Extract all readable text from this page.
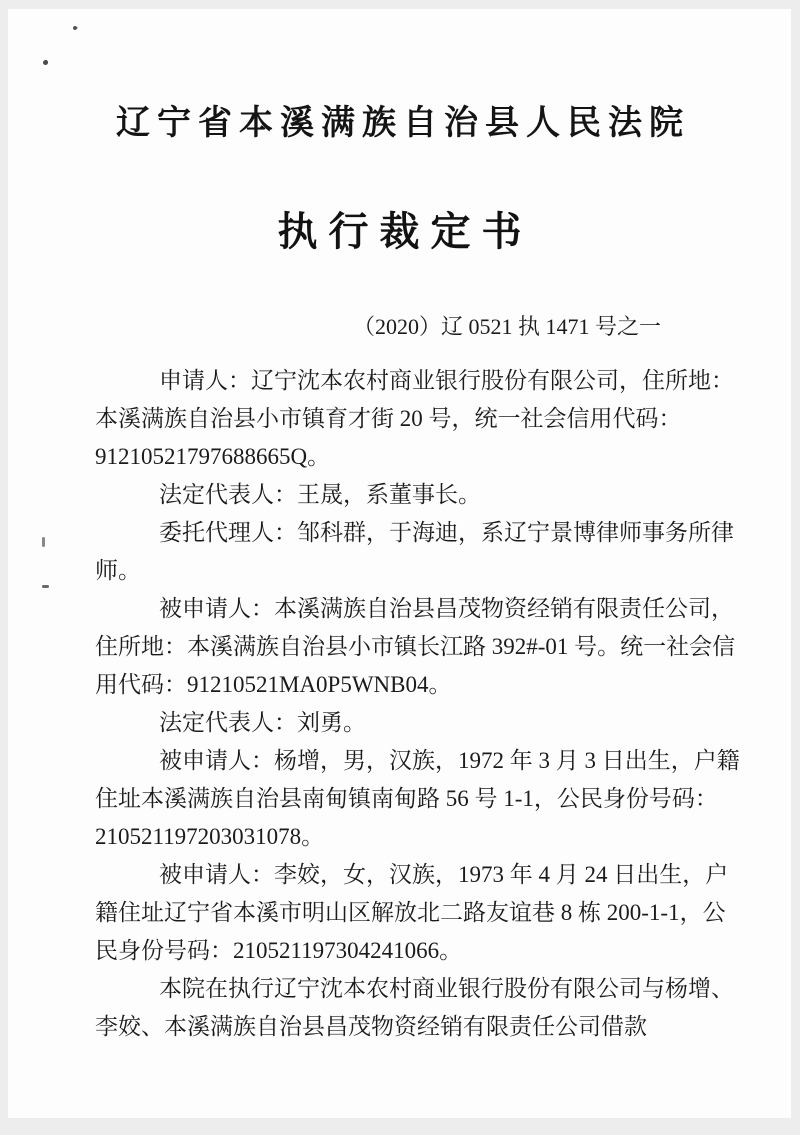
辽宁省本溪满族自治县人民法院
执行裁定书
（2020）辽 0521 执 1471 号之一

申请人：辽宁沈本农村商业银行股份有限公司，住所地：本溪满族自治县小市镇育才街 20 号，统一社会信用代码：91210521797688665Q。

法定代表人：王晟，系董事长。

委托代理人：邹科群，于海迪，系辽宁景博律师事务所律师。

被申请人：本溪满族自治县昌茂物资经销有限责任公司，住所地：本溪满族自治县小市镇长江路 392#-01 号。统一社会信用代码：91210521MA0P5WNB04。

法定代表人：刘勇。

被申请人：杨增，男，汉族，1972 年 3 月 3 日出生，户籍住址本溪满族自治县南甸镇南甸路 56 号 1-1，公民身份号码：210521197203031078。

被申请人：李姣，女，汉族，1973 年 4 月 24 日出生，户籍住址辽宁省本溪市明山区解放北二路友谊巷 8 栋 200-1-1，公民身份号码：210521197304241066。

本院在执行辽宁沈本农村商业银行股份有限公司与杨增、李姣、本溪满族自治县昌茂物资经销有限责任公司借款
